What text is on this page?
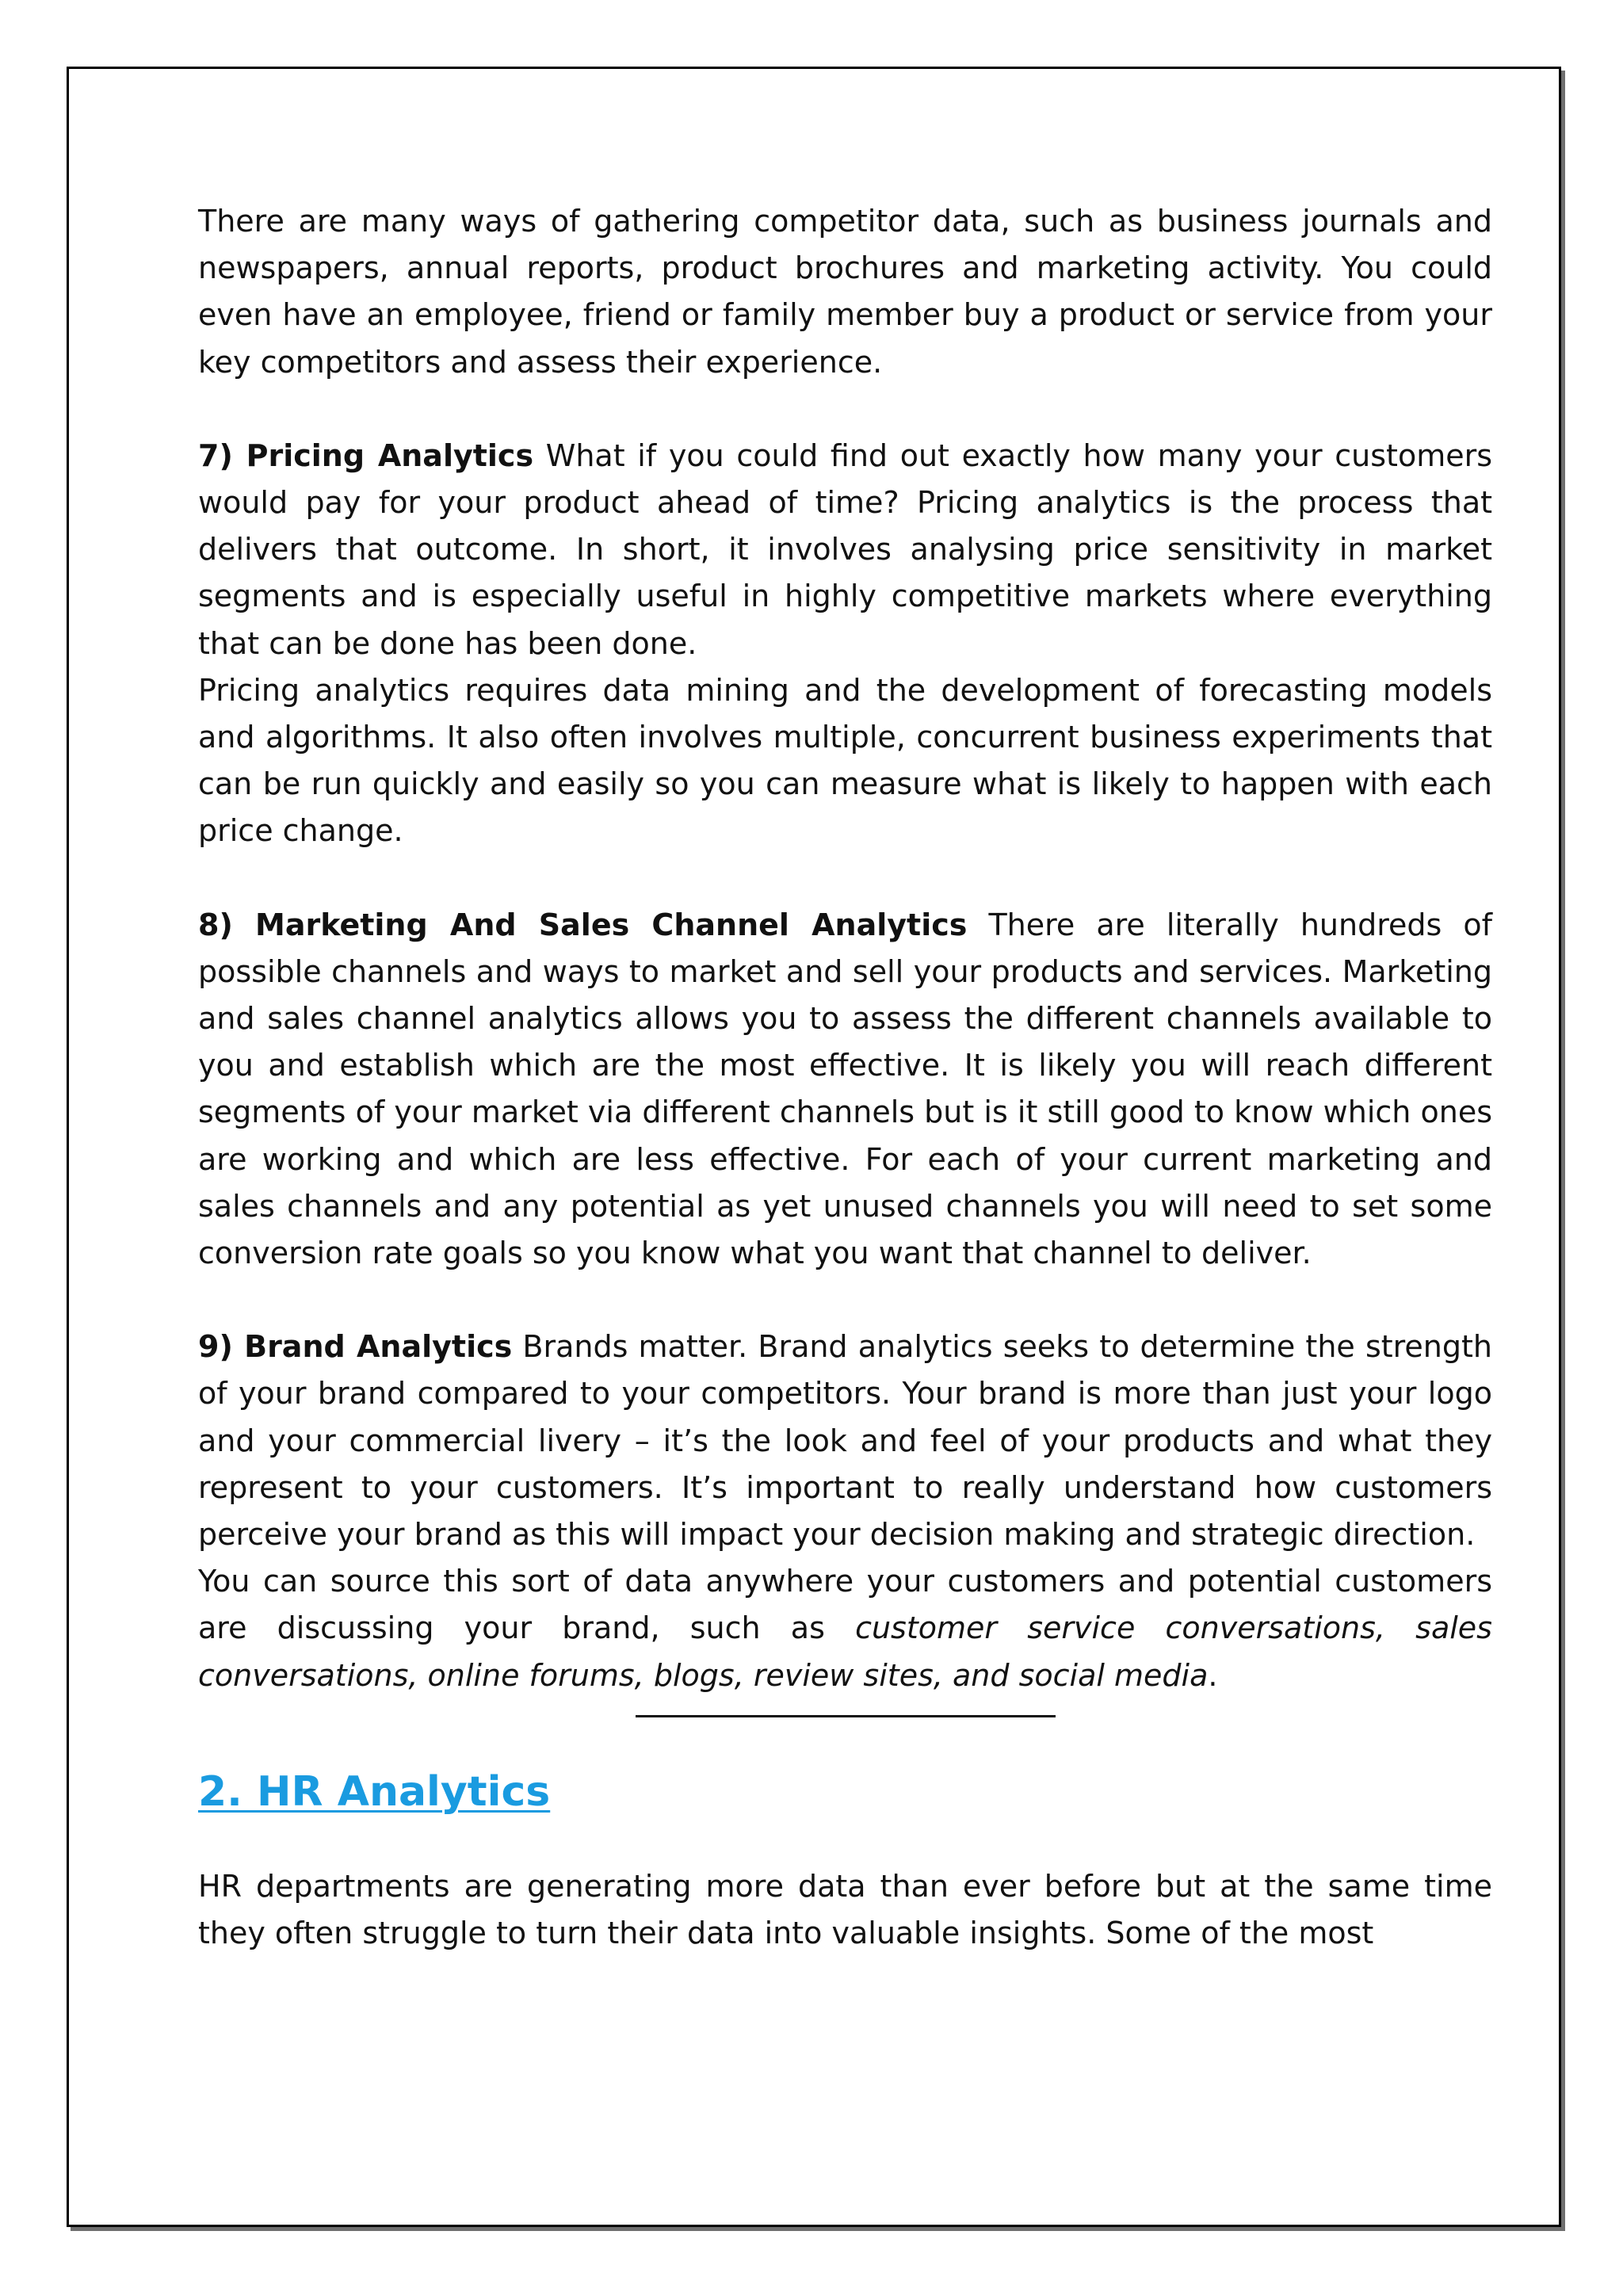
There are many ways of gathering competitor data, such as business journals and newspapers, annual reports, product brochures and marketing activity. You could even have an employee, friend or family member buy a product or service from your key competitors and assess their experience.

7) Pricing Analytics What if you could find out exactly how many your customers would pay for your product ahead of time? Pricing analytics is the process that delivers that outcome. In short, it involves analysing price sensitivity in market segments and is especially useful in highly competitive markets where everything that can be done has been done.

Pricing analytics requires data mining and the development of forecasting models and algorithms. It also often involves multiple, concurrent business experiments that can be run quickly and easily so you can measure what is likely to happen with each price change.

8) Marketing And Sales Channel Analytics There are literally hundreds of possible channels and ways to market and sell your products and services. Marketing and sales channel analytics allows you to assess the different channels available to you and establish which are the most effective. It is likely you will reach different segments of your market via different channels but is it still good to know which ones are working and which are less effective. For each of your current marketing and sales channels and any potential as yet unused channels you will need to set some conversion rate goals so you know what you want that channel to deliver.

9) Brand Analytics Brands matter. Brand analytics seeks to determine the strength of your brand compared to your competitors. Your brand is more than just your logo and your commercial livery – it’s the look and feel of your products and what they represent to your customers. It’s important to really understand how customers perceive your brand as this will impact your decision making and strategic direction.

You can source this sort of data anywhere your customers and potential customers are discussing your brand, such as customer service conversations, sales conversations, online forums, blogs, review sites, and social media.

2. HR Analytics

HR departments are generating more data than ever before but at the same time they often struggle to turn their data into valuable insights. Some of the most
